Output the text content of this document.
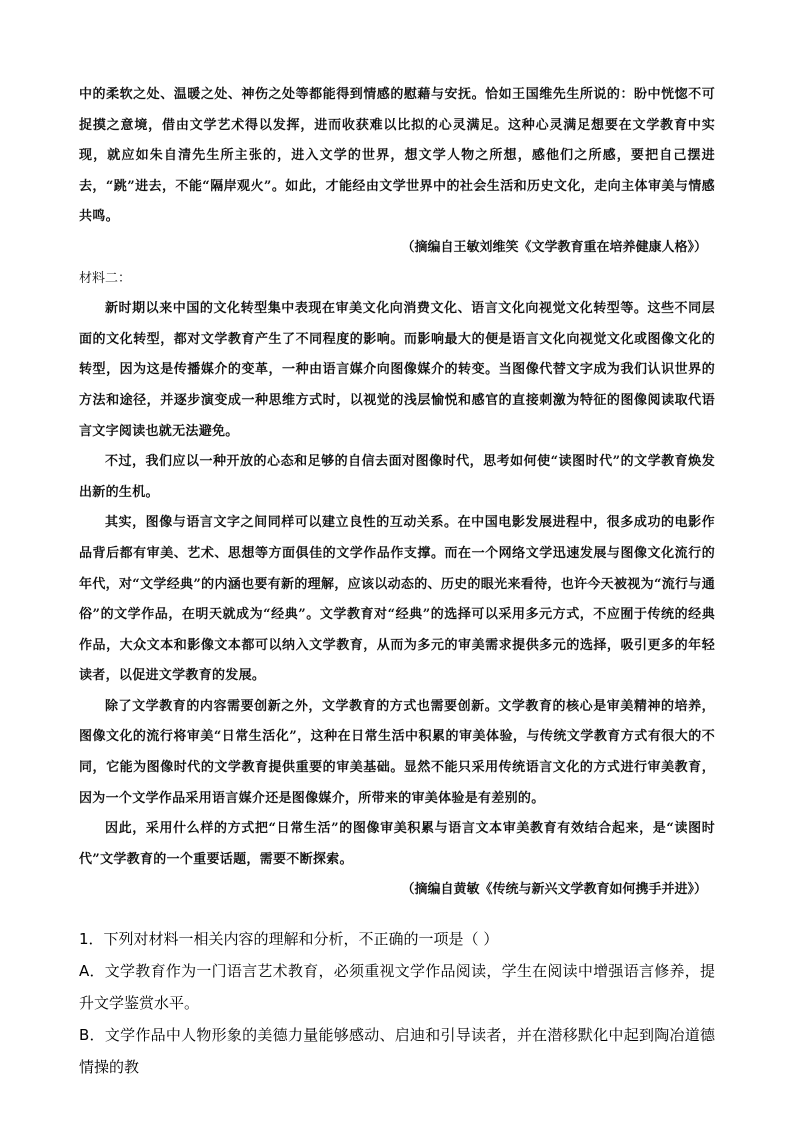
中的柔软之处、温暖之处、神伤之处等都能得到情感的慰藉与安抚。恰如王国维先生所说的：盼中恍惚不可捉摸之意境，借由文学艺术得以发挥，进而收获难以比拟的心灵满足。这种心灵满足想要在文学教育中实现，就应如朱自清先生所主张的，进入文学的世界，想文学人物之所想，感他们之所感，要把自己摆进去，“跳”进去，不能“隔岸观火”。如此，才能经由文学世界中的社会生活和历史文化，走向主体审美与情感共鸣。

（摘编自王敏刘维笑《文学教育重在培养健康人格》）

材料二：

新时期以来中国的文化转型集中表现在审美文化向消费文化、语言文化向视觉文化转型等。这些不同层面的文化转型，都对文学教育产生了不同程度的影响。而影响最大的便是语言文化向视觉文化或图像文化的转型，因为这是传播媒介的变革，一种由语言媒介向图像媒介的转变。当图像代替文字成为我们认识世界的方法和途径，并逐步演变成一种思维方式时，以视觉的浅层愉悦和感官的直接刺激为特征的图像阅读取代语言文字阅读也就无法避免。

不过，我们应以一种开放的心态和足够的自信去面对图像时代，思考如何使“读图时代”的文学教育焕发出新的生机。

其实，图像与语言文字之间同样可以建立良性的互动关系。在中国电影发展进程中，很多成功的电影作品背后都有审美、艺术、思想等方面俱佳的文学作品作支撑。而在一个网络文学迅速发展与图像文化流行的年代，对“文学经典”的内涵也要有新的理解，应该以动态的、历史的眼光来看待，也许今天被视为“流行与通俗”的文学作品，在明天就成为“经典”。文学教育对“经典”的选择可以采用多元方式，不应囿于传统的经典作品，大众文本和影像文本都可以纳入文学教育，从而为多元的审美需求提供多元的选择，吸引更多的年轻读者，以促进文学教育的发展。

除了文学教育的内容需要创新之外，文学教育的方式也需要创新。文学教育的核心是审美精神的培养，图像文化的流行将审美“日常生活化”，这种在日常生活中积累的审美体验，与传统文学教育方式有很大的不同，它能为图像时代的文学教育提供重要的审美基础。显然不能只采用传统语言文化的方式进行审美教育，因为一个文学作品采用语言媒介还是图像媒介，所带来的审美体验是有差别的。

因此，采用什么样的方式把“日常生活”的图像审美积累与语言文本审美教育有效结合起来，是“读图时代”文学教育的一个重要话题，需要不断探索。

（摘编自黄敏《传统与新兴文学教育如何携手并进》）

1．下列对材料一相关内容的理解和分析，不正确的一项是（ ）

A．文学教育作为一门语言艺术教育，必须重视文学作品阅读，学生在阅读中增强语言修养，提升文学鉴赏水平。

B．文学作品中人物形象的美德力量能够感动、启迪和引导读者，并在潜移默化中起到陶冶道德情操的教
